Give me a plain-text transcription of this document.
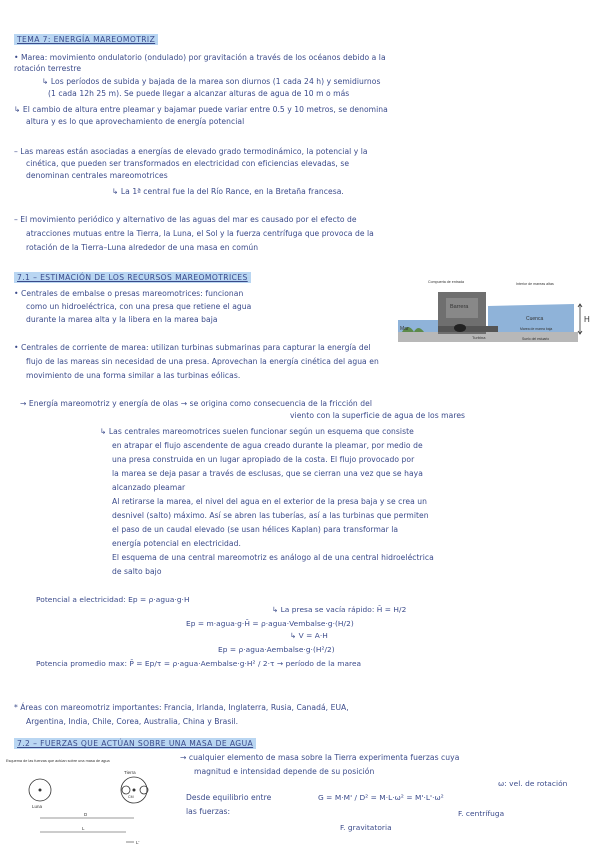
TEMA 7: ENERGÍA MAREOMOTRIZ
• Marea: movimiento ondulatorio (ondulado) por gravitación a través de los océanos debido a la
rotación terrestre
↳ Los períodos de subida y bajada de la marea son diurnos (1 cada 24 h) y semidiurnos
(1 cada 12h 25 m). Se puede llegar a alcanzar alturas de agua de 10 m o más
↳ El cambio de altura entre pleamar y bajamar puede variar entre 0.5 y 10 metros, se denomina
altura y es lo que aprovechamiento de energía potencial
– Las mareas están asociadas a energías de elevado grado termodinámico, la potencial y la
cinética, que pueden ser transformados en electricidad con eficiencias elevadas, se
denominan centrales mareomotrices
↳ La 1ª central fue la del Río Rance, en la Bretaña francesa.
– El movimiento periódico y alternativo de las aguas del mar es causado por el efecto de
atracciones mutuas entre la Tierra, la Luna, el Sol y la fuerza centrífuga que provoca de la
rotación de la Tierra–Luna alrededor de una masa en común
7.1 – ESTIMACIÓN DE LOS RECURSOS MAREOMOTRICES
• Centrales de embalse o presas mareomotrices: funcionan
como un hidroeléctrica, con una presa que retiene el agua
durante la marea alta y la libera en la marea baja
• Centrales de corriente de marea: utilizan turbinas submarinas para capturar la energía del
flujo de las mareas sin necesidad de una presa. Aprovechan la energía cinética del agua en
movimiento de una forma similar a las turbinas eólicas.
→ Energía mareomotriz y energía de olas → se origina como consecuencia de la fricción del
viento con la superficie de agua de los mares
↳ Las centrales mareomotrices suelen funcionar según un esquema que consiste
en atrapar el flujo ascendente de agua creado durante la pleamar, por medio de
una presa construida en un lugar apropiado de la costa. El flujo provocado por
la marea se deja pasar a través de esclusas, que se cierran una vez que se haya
alcanzado pleamar
Al retirarse la marea, el nivel del agua en el exterior de la presa baja y se crea un
desnivel (salto) máximo. Así se abren las tuberías, así a las turbinas que permiten
el paso de un caudal elevado (se usan hélices Kaplan) para transformar la
energía potencial en electricidad.
El esquema de una central mareomotriz es análogo al de una central hidroeléctrica
de salto bajo
Potencial a electricidad: Ep = ρ·agua·g·H
↳ La presa se vacía rápido: H̄ = H/2
Ep = m·agua·g·H̄ = ρ·agua·Vembalse·g·(H/2)
↳ V = A·H
Ep = ρ·agua·Aembalse·g·(H²/2)
Potencia promedio max: P̄ = Ep/τ = ρ·agua·Aembalse·g·H² / 2·τ → período de la marea
* Áreas con mareomotriz importantes: Francia, Irlanda, Inglaterra, Rusia, Canadá, EUA,
Argentina, India, Chile, Corea, Australia, China y Brasil.
7.2 – FUERZAS QUE ACTÚAN SOBRE UNA MASA DE AGUA
→ cualquier elemento de masa sobre la Tierra experimenta fuerzas cuya
magnitud e intensidad depende de su posición
ω: vel. de rotación
Desde equilibrio entre	G = M·M' / D² = M·L·ω² = M'·L'·ω²
las fuerzas:	F. centrífuga
F. gravitatoria
H
Compuerta de entrada	Interior de mareas altas
Barrera
Cuenca
Mar
Turbina
Marea de marea baja
Suelo del estuario
Esquema de las fuerzas que actúan sobre una masa de agua
Tierra
Luna
CM
D
L
L'
